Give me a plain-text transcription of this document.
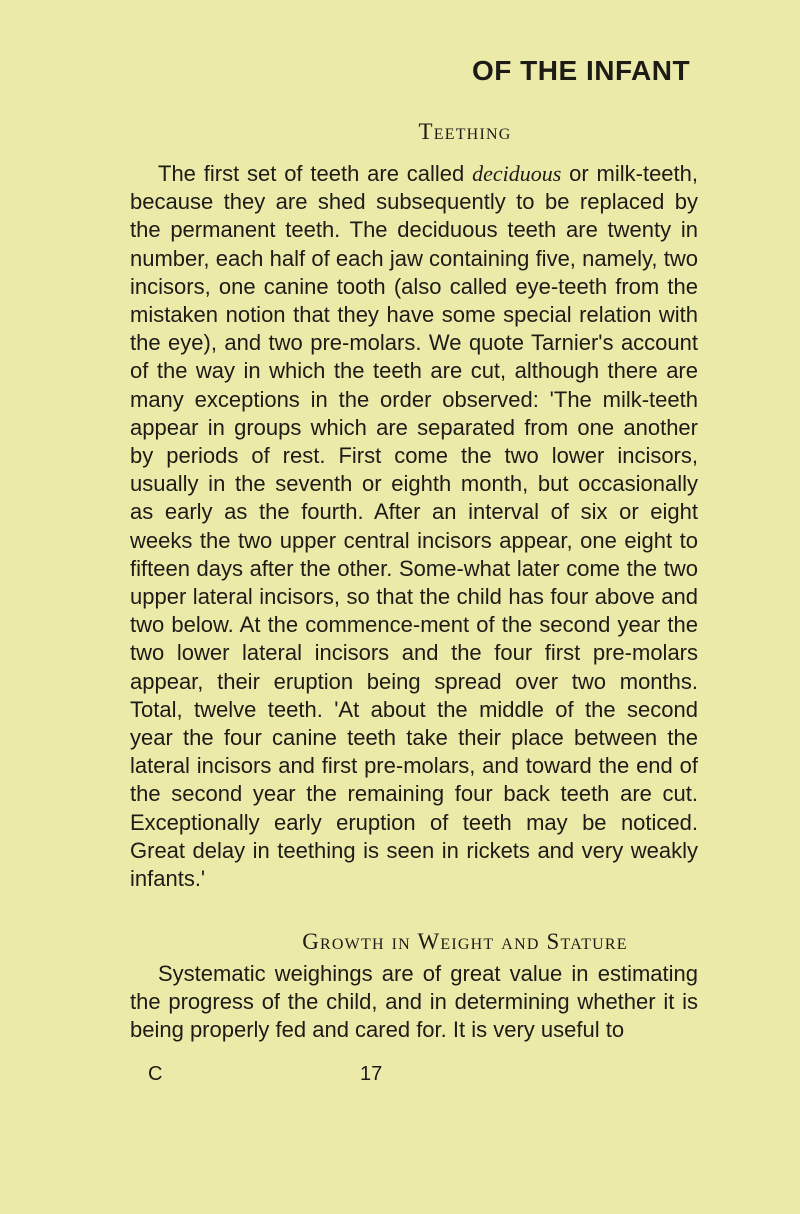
OF THE INFANT
Teething

The first set of teeth are called deciduous or milk-teeth, because they are shed subsequently to be replaced by the permanent teeth. The deciduous teeth are twenty in number, each half of each jaw containing five, namely, two incisors, one canine tooth (also called eye-teeth from the mistaken notion that they have some special relation with the eye), and two pre-molars. We quote Tarnier's account of the way in which the teeth are cut, although there are many exceptions in the order observed: 'The milk-teeth appear in groups which are separated from one another by periods of rest. First come the two lower incisors, usually in the seventh or eighth month, but occasionally as early as the fourth. After an interval of six or eight weeks the two upper central incisors appear, one eight to fifteen days after the other. Some-what later come the two upper lateral incisors, so that the child has four above and two below. At the commence-ment of the second year the two lower lateral incisors and the four first pre-molars appear, their eruption being spread over two months. Total, twelve teeth. 'At about the middle of the second year the four canine teeth take their place between the lateral incisors and first pre-molars, and toward the end of the second year the remaining four back teeth are cut. Exceptionally early eruption of teeth may be noticed. Great delay in teething is seen in rickets and very weakly infants.'

Growth in Weight and Stature

Systematic weighings are of great value in estimating the progress of the child, and in determining whether it is being properly fed and cared for. It is very useful to

C	17
